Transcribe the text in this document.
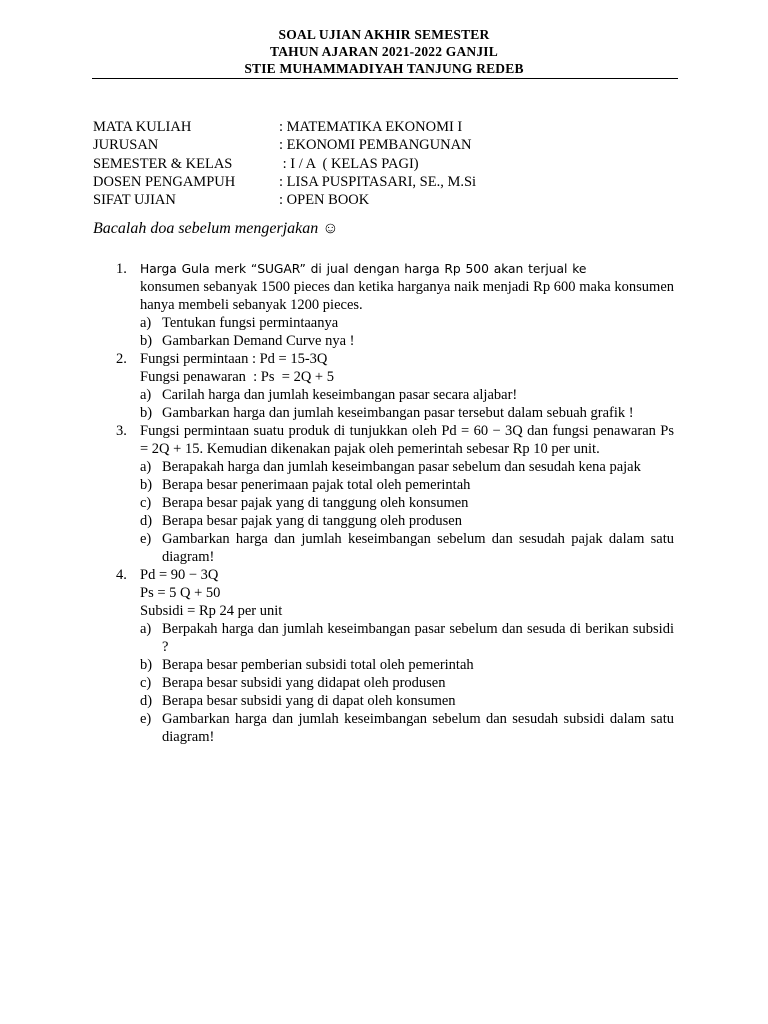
SOAL UJIAN AKHIR SEMESTER
TAHUN AJARAN 2021-2022 GANJIL
STIE MUHAMMADIYAH TANJUNG REDEB
MATA KULIAH	: MATEMATIKA EKONOMI I
JURUSAN	: EKONOMI PEMBANGUNAN
SEMESTER & KELAS	: I / A  ( KELAS PAGI)
DOSEN PENGAMPUH	: LISA PUSPITASARI, SE., M.Si
SIFAT UJIAN	: OPEN BOOK
Bacalah doa sebelum mengerjakan ☺
1. Harga Gula merk “SUGAR” di jual dengan harga Rp 500 akan terjual ke
konsumen sebanyak 1500 pieces dan ketika harganya naik menjadi Rp 600 maka konsumen hanya membeli sebanyak 1200 pieces.
a) Tentukan fungsi permintaanya
b) Gambarkan Demand Curve nya !
2. Fungsi permintaan : Pd = 15-3Q
Fungsi penawaran  : Ps  = 2Q + 5
a) Carilah harga dan jumlah keseimbangan pasar secara aljabar!
b) Gambarkan harga dan jumlah keseimbangan pasar tersebut dalam sebuah grafik !
3. Fungsi permintaan suatu produk di tunjukkan oleh Pd = 60 − 3Q dan fungsi penawaran Ps = 2Q + 15. Kemudian dikenakan pajak oleh pemerintah sebesar Rp 10 per unit.
a) Berapakah harga dan jumlah keseimbangan pasar sebelum dan sesudah kena pajak
b) Berapa besar penerimaan pajak total oleh pemerintah
c) Berapa besar pajak yang di tanggung oleh konsumen
d) Berapa besar pajak yang di tanggung oleh produsen
e) Gambarkan harga dan jumlah keseimbangan sebelum dan sesudah pajak dalam satu diagram!
4. Pd = 90 − 3Q
Ps = 5 Q + 50
Subsidi = Rp 24 per unit
a) Berpakah harga dan jumlah keseimbangan pasar sebelum dan sesuda di berikan subsidi ?
b) Berapa besar pemberian subsidi total oleh pemerintah
c) Berapa besar subsidi yang didapat oleh produsen
d) Berapa besar subsidi yang di dapat oleh konsumen
e) Gambarkan harga dan jumlah keseimbangan sebelum dan sesudah subsidi dalam satu diagram!
